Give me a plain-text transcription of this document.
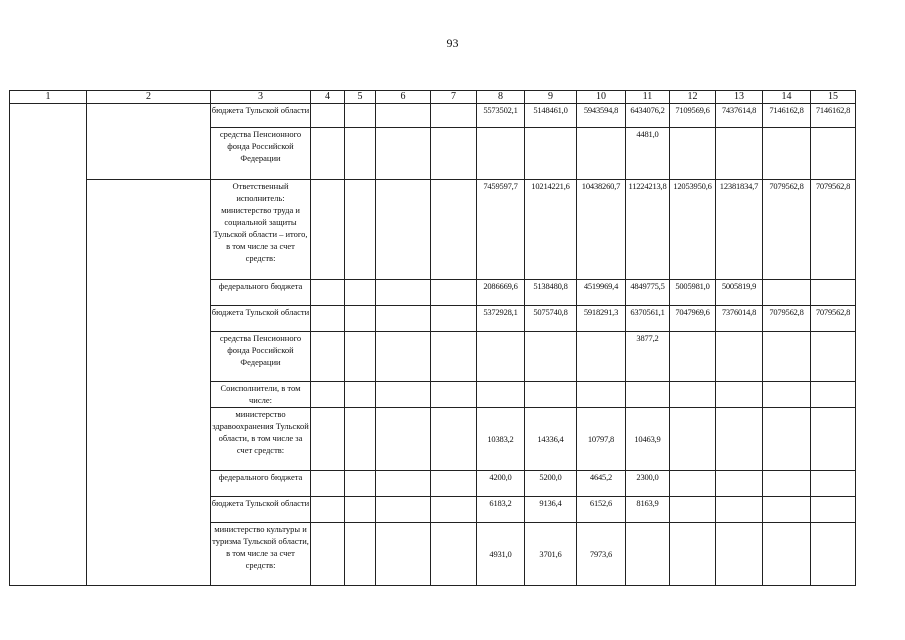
93
1	2	3	4	5	6	7	8	9	10	11	12	13	14	15
		бюджета Тульской области					5573502,1	5148461,0	5943594,8	6434076,2	7109569,6	7437614,8	7146162,8	7146162,8
		средства Пенсионного фонда Российской Федерации								4481,0				
		Ответственный исполнитель: министерство труда и социальной защиты Тульской области – итого, в том числе за счет средств:					7459597,7	10214221,6	10438260,7	11224213,8	12053950,6	12381834,7	7079562,8	7079562,8
		федерального бюджета					2086669,6	5138480,8	4519969,4	4849775,5	5005981,0	5005819,9		
		бюджета Тульской области					5372928,1	5075740,8	5918291,3	6370561,1	7047969,6	7376014,8	7079562,8	7079562,8
		средства Пенсионного фонда Российской Федерации								3877,2				
		Соисполнители, в том числе:												
		министерство здравоохранения Тульской области, в том числе за счет средств:					10383,2	14336,4	10797,8	10463,9				
		федерального бюджета					4200,0	5200,0	4645,2	2300,0				
		бюджета Тульской области					6183,2	9136,4	6152,6	8163,9				
		министерство культуры и туризма Тульской области, в том числе за счет средств:					4931,0	3701,6	7973,6					
